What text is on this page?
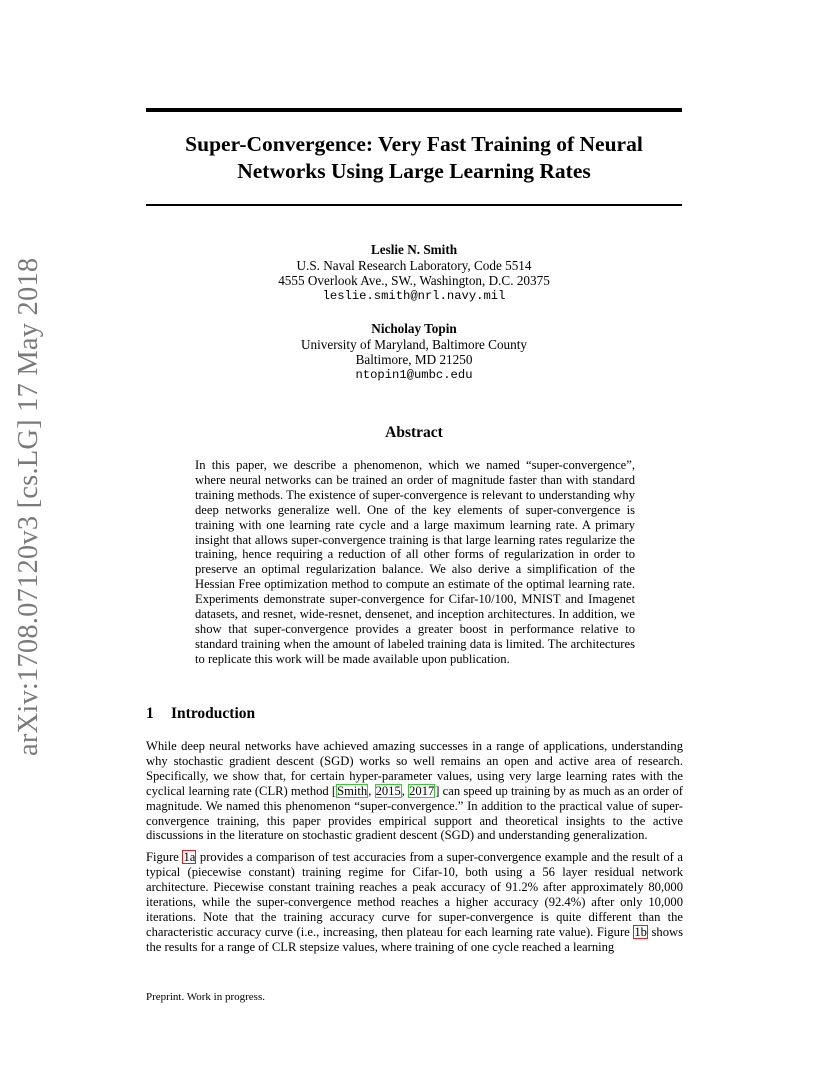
arXiv:1708.07120v3 [cs.LG] 17 May 2018
Super-Convergence: Very Fast Training of Neural
Networks Using Large Learning Rates
Leslie N. Smith
U.S. Naval Research Laboratory, Code 5514
4555 Overlook Ave., SW., Washington, D.C. 20375
leslie.smith@nrl.navy.mil
Nicholay Topin
University of Maryland, Baltimore County
Baltimore, MD 21250
ntopin1@umbc.edu
Abstract
In this paper, we describe a phenomenon, which we named “super-convergence”, where neural networks can be trained an order of magnitude faster than with standard training methods. The existence of super-convergence is relevant to understanding why deep networks generalize well. One of the key elements of super-convergence is training with one learning rate cycle and a large maximum learning rate. A primary insight that allows super-convergence training is that large learning rates regularize the training, hence requiring a reduction of all other forms of regularization in order to preserve an optimal regularization balance. We also derive a simplification of the Hessian Free optimization method to compute an estimate of the optimal learning rate. Experiments demonstrate super-convergence for Cifar-10/100, MNIST and Imagenet datasets, and resnet, wide-resnet, densenet, and inception architectures. In addition, we show that super-convergence provides a greater boost in performance relative to standard training when the amount of labeled training data is limited. The architectures to replicate this work will be made available upon publication.
1 Introduction

While deep neural networks have achieved amazing successes in a range of applications, understanding why stochastic gradient descent (SGD) works so well remains an open and active area of research. Specifically, we show that, for certain hyper-parameter values, using very large learning rates with the cyclical learning rate (CLR) method [Smith, 2015, 2017] can speed up training by as much as an order of magnitude. We named this phenomenon “super-convergence.” In addition to the practical value of super-convergence training, this paper provides empirical support and theoretical insights to the active discussions in the literature on stochastic gradient descent (SGD) and understanding generalization.

Figure 1a provides a comparison of test accuracies from a super-convergence example and the result of a typical (piecewise constant) training regime for Cifar-10, both using a 56 layer residual network architecture. Piecewise constant training reaches a peak accuracy of 91.2% after approximately 80,000 iterations, while the super-convergence method reaches a higher accuracy (92.4%) after only 10,000 iterations. Note that the training accuracy curve for super-convergence is quite different than the characteristic accuracy curve (i.e., increasing, then plateau for each learning rate value). Figure 1b shows the results for a range of CLR stepsize values, where training of one cycle reached a learning

Preprint. Work in progress.
